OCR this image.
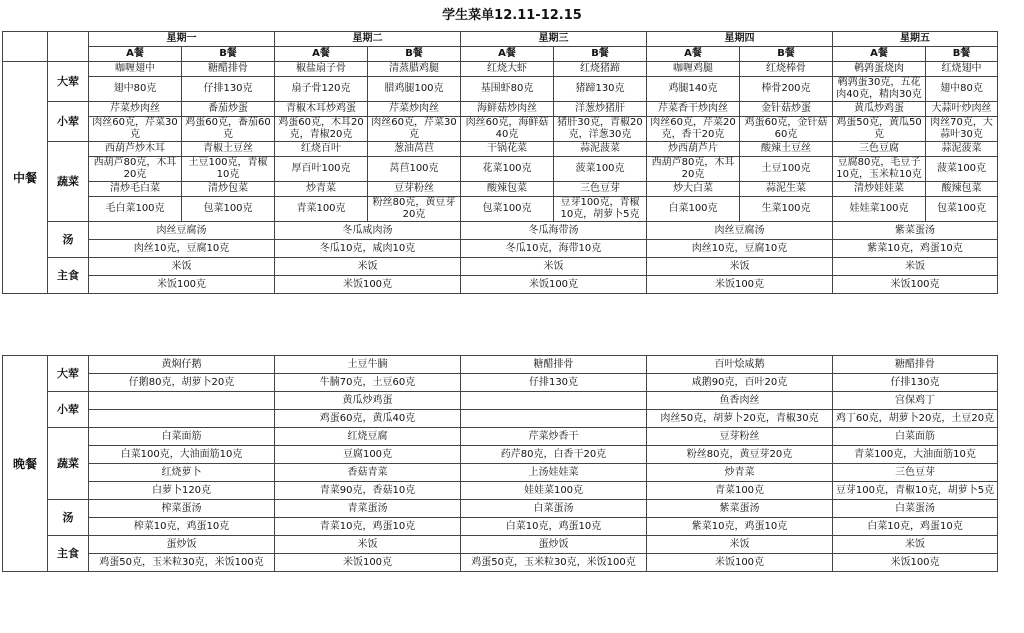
学生菜单12.11-12.15
		星期一		星期二		星期三		星期四		星期五	
		A餐	B餐	A餐	B餐	A餐	B餐	A餐	B餐	A餐	B餐
中餐	大荤	咖喱翅中	糖醋排骨	椒盐扇子骨	清蒸腊鸡腿	红烧大虾	红烧猪蹄	咖喱鸡腿	红烧棒骨	鹌鹑蛋烧肉	红烧翅中
		翅中80克	仔排130克	扇子骨120克	腊鸡腿100克	基围虾80克	猪蹄130克	鸡腿140克	棒骨200克	鹌鹑蛋30克，五花肉40克，精肉30克	翅中80克
	小荤	芹菜炒肉丝	番茄炒蛋	青椒木耳炒鸡蛋	芹菜炒肉丝	海鲜菇炒肉丝	洋葱炒猪肝	芹菜香干炒肉丝	金针菇炒蛋	黄瓜炒鸡蛋	大蒜叶炒肉丝
		肉丝60克，芹菜30克	鸡蛋60克，番茄60克	鸡蛋60克，木耳20克，青椒20克	肉丝60克，芹菜30克	肉丝60克，海鲜菇40克	猪肝30克，青椒20克，洋葱30克	肉丝60克，芹菜20克，香干20克	鸡蛋60克，金针菇60克	鸡蛋50克，黄瓜50克	肉丝70克，大蒜叶30克
	蔬菜	西葫芦炒木耳	青椒土豆丝	红烧百叶	葱油莴苣	干锅花菜	蒜泥菠菜	炒西葫芦片	酸辣土豆丝	三色豆腐	蒜泥菠菜
		西葫芦80克，木耳20克	土豆100克，青椒10克	厚百叶100克	莴苣100克	花菜100克	菠菜100克	西葫芦80克，木耳20克	土豆100克	豆腐80克，毛豆子10克，玉米粒10克	菠菜100克
		清炒毛白菜	清炒包菜	炒青菜	豆芽粉丝	酸辣包菜	三色豆芽	炒大白菜	蒜泥生菜	清炒娃娃菜	酸辣包菜
		毛白菜100克	包菜100克	青菜100克	粉丝80克，黄豆芽20克	包菜100克	豆芽100克，青椒10克，胡萝卜5克	白菜100克	生菜100克	娃娃菜100克	包菜100克
	汤	肉丝豆腐汤		冬瓜咸肉汤		冬瓜海带汤		肉丝豆腐汤		紫菜蛋汤	
		肉丝10克，豆腐10克		冬瓜10克，咸肉10克		冬瓜10克，海带10克		肉丝10克，豆腐10克		紫菜10克，鸡蛋10克	
	主食	米饭		米饭		米饭		米饭		米饭	
		米饭100克		米饭100克		米饭100克		米饭100克		米饭100克	
晚餐	大荤	黄焖仔鹅	土豆牛腩	糖醋排骨	百叶烩咸鹅	糖醋排骨
		仔鹅80克，胡萝卜20克	牛腩70克，土豆60克	仔排130克	咸鹅90克，百叶20克	仔排130克
	小荤		黄瓜炒鸡蛋		鱼香肉丝	宫保鸡丁
			鸡蛋60克，黄瓜40克		肉丝50克，胡萝卜20克，青椒30克	鸡丁60克，胡萝卜20克，土豆20克
	蔬菜	白菜面筋	红烧豆腐	芹菜炒香干	豆芽粉丝	白菜面筋
		白菜100克，大油面筋10克	豆腐100克	药芹80克，白香干20克	粉丝80克，黄豆芽20克	青菜100克，大油面筋10克
		红烧萝卜	香菇青菜	上汤娃娃菜	炒青菜	三色豆芽
		白萝卜120克	青菜90克，香菇10克	娃娃菜100克	青菜100克	豆芽100克，青椒10克，胡萝卜5克
	汤	榨菜蛋汤	青菜蛋汤	白菜蛋汤	紫菜蛋汤	白菜蛋汤
		榨菜10克，鸡蛋10克	青菜10克，鸡蛋10克	白菜10克，鸡蛋10克	紫菜10克，鸡蛋10克	白菜10克，鸡蛋10克
	主食	蛋炒饭	米饭	蛋炒饭	米饭	米饭
		鸡蛋50克，玉米粒30克，米饭100克	米饭100克	鸡蛋50克，玉米粒30克，米饭100克	米饭100克	米饭100克
